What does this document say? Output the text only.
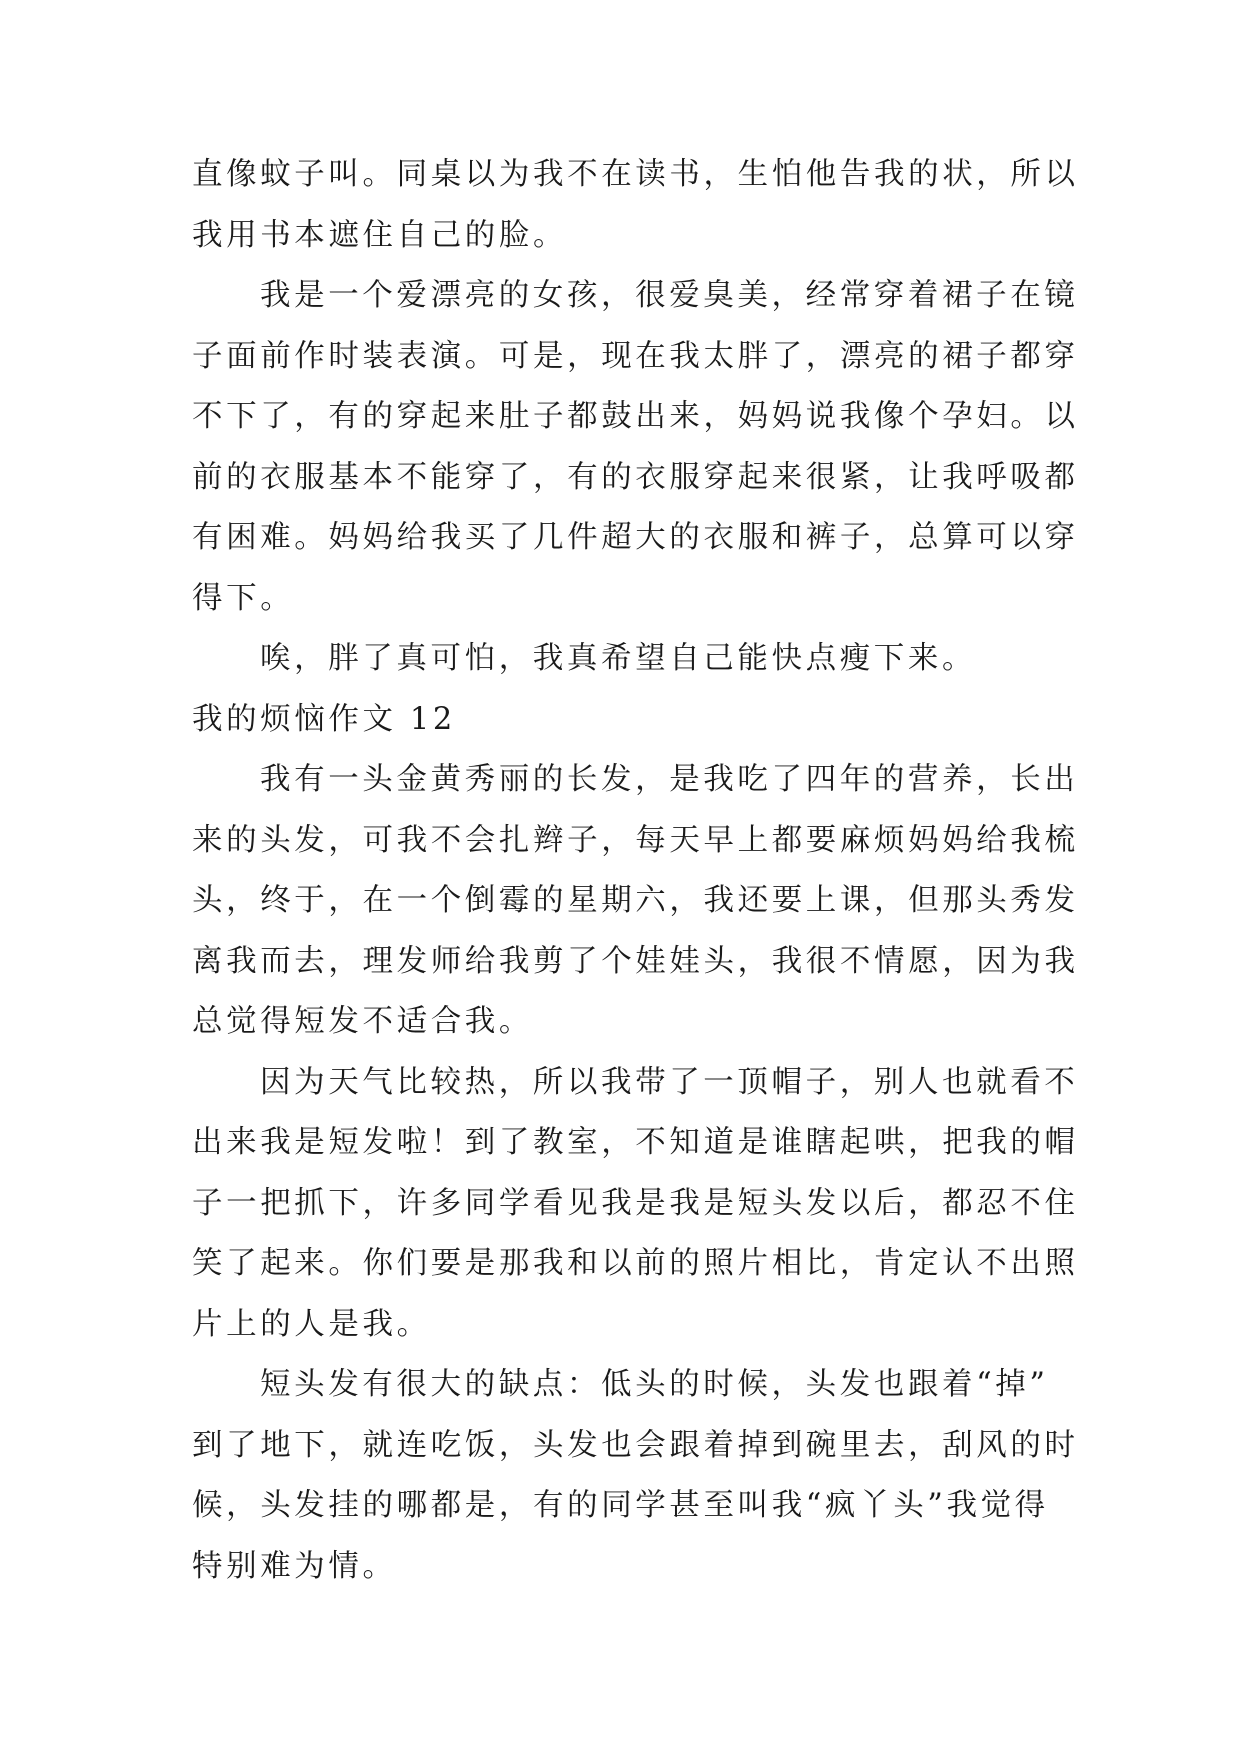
直像蚊子叫。同桌以为我不在读书，生怕他告我的状，所以
我用书本遮住自己的脸。
我是一个爱漂亮的女孩，很爱臭美，经常穿着裙子在镜
子面前作时装表演。可是，现在我太胖了，漂亮的裙子都穿
不下了，有的穿起来肚子都鼓出来，妈妈说我像个孕妇。以
前的衣服基本不能穿了，有的衣服穿起来很紧，让我呼吸都
有困难。妈妈给我买了几件超大的衣服和裤子，总算可以穿
得下。
唉，胖了真可怕，我真希望自己能快点瘦下来。
我的烦恼作文 12
我有一头金黄秀丽的长发，是我吃了四年的营养，长出
来的头发，可我不会扎辫子，每天早上都要麻烦妈妈给我梳
头，终于，在一个倒霉的星期六，我还要上课，但那头秀发
离我而去，理发师给我剪了个娃娃头，我很不情愿，因为我
总觉得短发不适合我。
因为天气比较热，所以我带了一顶帽子，别人也就看不
出来我是短发啦！到了教室，不知道是谁瞎起哄，把我的帽
子一把抓下，许多同学看见我是我是短头发以后，都忍不住
笑了起来。你们要是那我和以前的照片相比，肯定认不出照
片上的人是我。
短头发有很大的缺点：低头的时候，头发也跟着“掉”
到了地下，就连吃饭，头发也会跟着掉到碗里去，刮风的时
候，头发挂的哪都是，有的同学甚至叫我“疯丫头”我觉得
特别难为情。
